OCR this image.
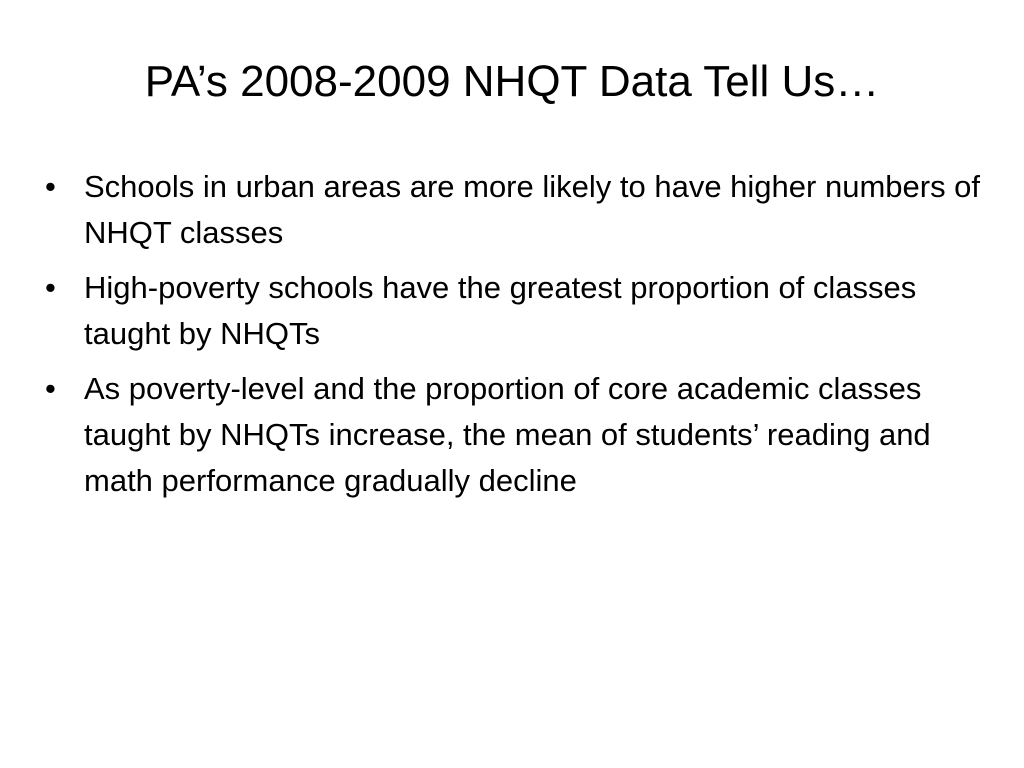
PA’s 2008-2009 NHQT Data Tell Us…
• Schools in urban areas are more likely to have higher numbers of NHQT classes
• High-poverty schools have the greatest proportion of classes taught by NHQTs
• As poverty-level and the proportion of core academic classes taught by NHQTs increase, the mean of students’ reading and math performance gradually decline
